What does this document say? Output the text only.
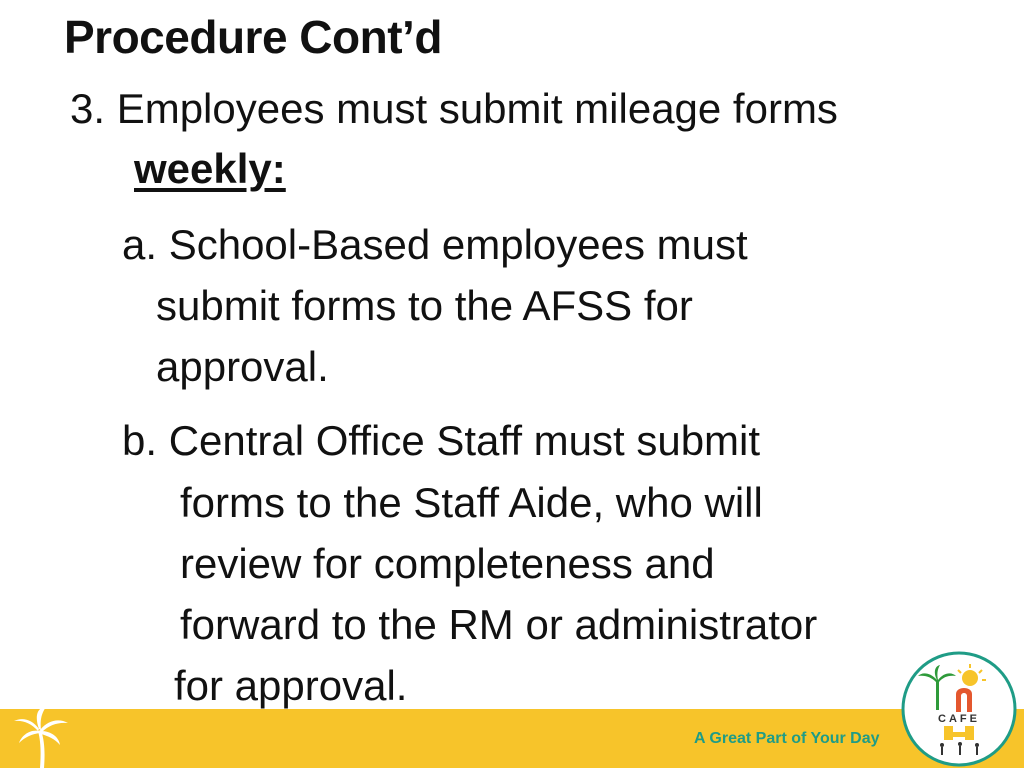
Procedure Cont’d
3. Employees must submit mileage forms
weekly:
a. School-Based employees must
submit forms to the AFSS for
approval.
b. Central Office Staff must submit
forms to the Staff Aide, who will
review for completeness and
forward to the RM or administrator
for approval.
A Great Part of Your Day
CAFE
